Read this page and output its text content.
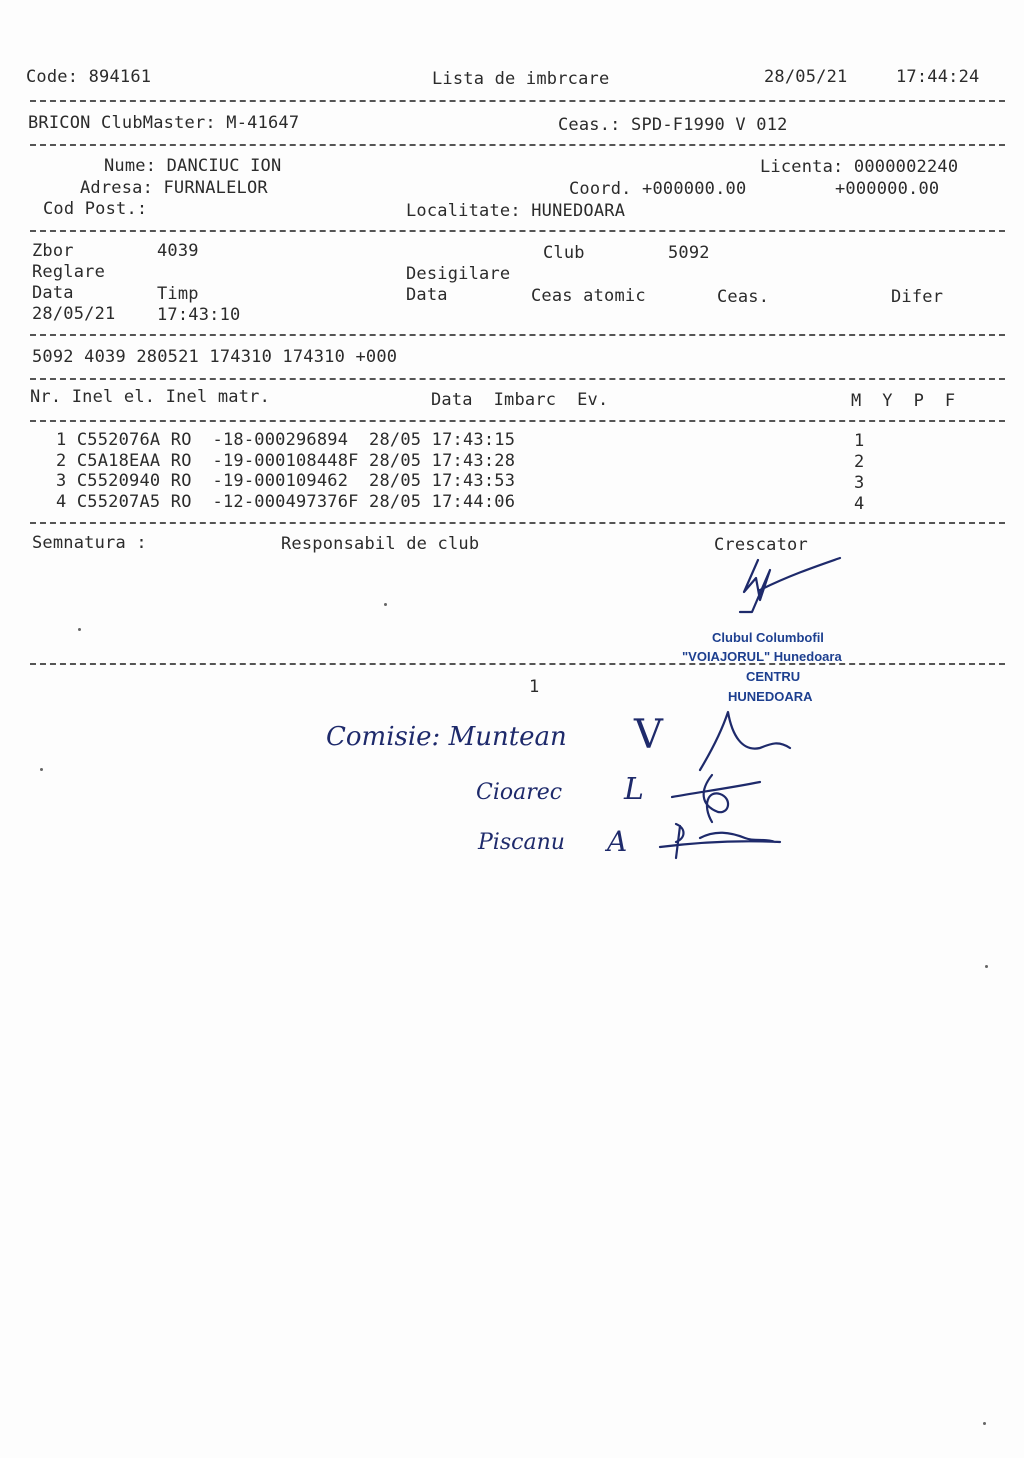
Code: 894161	Lista de imbrcare	28/05/21	17:44:24
BRICON ClubMaster: M-41647	Ceas.: SPD-F1990 V 012
Nume: DANCIUC ION	Licenta: 0000002240
Adresa: FURNALELOR	Coord. +000000.00	+000000.00
Cod Post.:	Localitate: HUNEDOARA
Zbor	4039	Club	5092
Reglare	Desigilare
Data	Timp	Data	Ceas atomic	Ceas.	Difer
28/05/21 17:43:10
5092 4039 280521 174310 174310 +000
Nr. Inel el. Inel matr.	Data  Imbarc  Ev.	M  Y  P  F
1 C552076A RO  -18-000296894  28/05 17:43:15	1
2 C5A18EAA RO  -19-000108448F 28/05 17:43:28	2
3 C5520940 RO  -19-000109462  28/05 17:43:53	3
4 C55207A5 RO  -12-000497376F 28/05 17:44:06	4
Semnatura :	Responsabil de club	Crescator
Clubul Columbofil
"VOIAJORUL" Hunedoara
CENTRU
HUNEDOARA
1
Comisie: Muntean V
Cioarec L
Piscanu A
